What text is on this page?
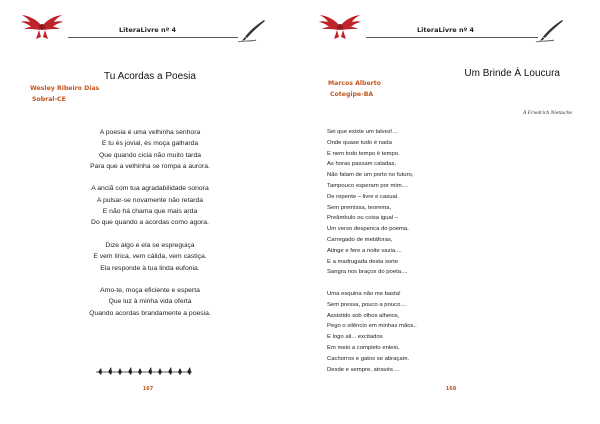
LiteraLivre nº 4
Tu Acordas a Poesia
Wesley Ribeiro Dias
Sobral-CE
A poesia é uma velhinha senhora
E tu és jovial, és moça galharda
Que quando cicia não muito tarda
Para que a velhinha se rompa a aurora.
A anciã com tua agradabilidade sonora
A pulsar-se novamente não retarda
E não há chama que mais arda
Do que quando a acordas como agora.
Dize algo e ela se espreguiça
E vem lírica, vem cálida, vem castiça.
Ela responde à tua linda eufonia.
Amo-te, moça eficiente e esperta
Que luz à minha vida oferta
Quando acordas brandamente a poesia.
167
LiteraLivre nº 4
Um Brinde À Loucura
Marcos Alberto
Cotegipe-BA
À Friedrich Nietzsche
Sei que existe um talvez!...
Onde quase tudo é nada
E nem todo tempo é tempo.
As horas passam caladas,
Não falam de um porto no futuro,
Tampouco esperam por mim....
De repente – livre e casual.
Sem premissa, teorema,
Preâmbulo ou coisa igual –
Um verso despenca do poema.
Carregado de metáforas,
Atinge e fere a noite vazia....
E a madrugada desta sorte
Sangra nos braços do poeta....
Uma esquina não me basta!
Sem pressa, pouco a pouco....
Assistido sob olhos alheios,
Pego o silêncio em minhas mãos..
E logo ali... excitados
Em meio a completo enleio,
Cachorros e gatos se abraçam.
Desde e sempre, através....
168
